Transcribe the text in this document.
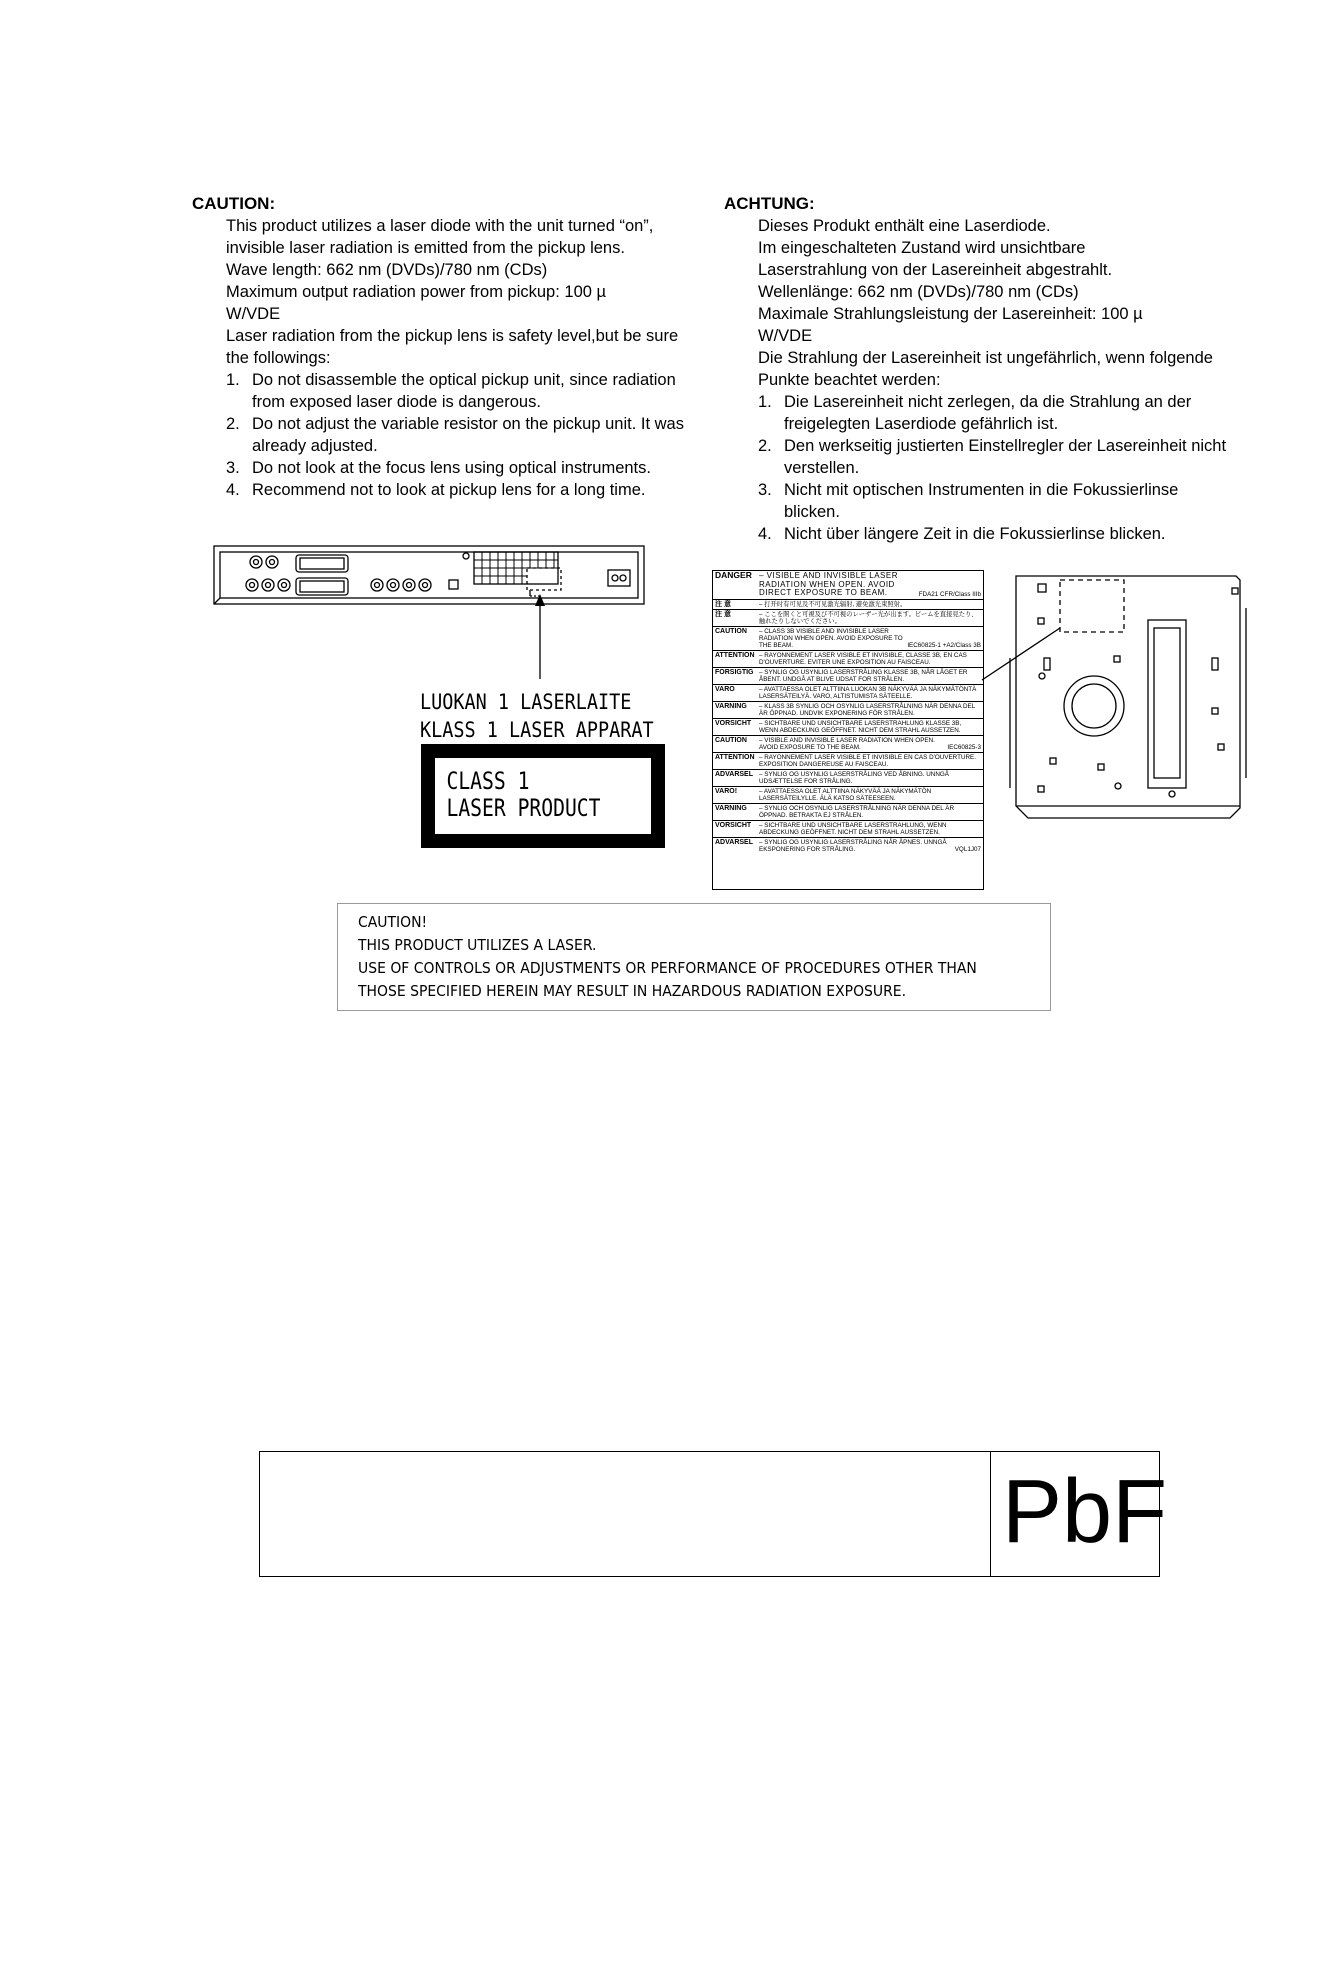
CAUTION:

This product utilizes a laser diode with the unit turned “on”, invisible laser radiation is emitted from the pickup lens.

Wave length: 662 nm (DVDs)/780 nm (CDs)

Maximum output radiation power from pickup: 100 µ W/VDE

Laser radiation from the pickup lens is safety level,but be sure the followings:

1. Do not disassemble the optical pickup unit, since radiation from exposed laser diode is dangerous.
2. Do not adjust the variable resistor on the pickup unit. It was already adjusted.
3. Do not look at the focus lens using optical instruments.
4. Recommend not to look at pickup lens for a long time.
ACHTUNG:

Dieses Produkt enthält eine Laserdiode.

Im eingeschalteten Zustand wird unsichtbare Laserstrahlung von der Lasereinheit abgestrahlt.

Wellenlänge: 662 nm (DVDs)/780 nm (CDs)

Maximale Strahlungsleistung der Lasereinheit: 100 µ W/VDE

Die Strahlung der Lasereinheit ist ungefährlich, wenn folgende Punkte beachtet werden:

1. Die Lasereinheit nicht zerlegen, da die Strahlung an der freigelegten Laserdiode gefährlich ist.
2. Den werkseitig justierten Einstellregler der Lasereinheit nicht verstellen.
3. Nicht mit optischen Instrumenten in die Fokussierlinse blicken.
4. Nicht über längere Zeit in die Fokussierlinse blicken.
LUOKAN 1 LASERLAITE
KLASS 1 LASER APPARAT
CLASS 1
LASER PRODUCT
DANGER – VISIBLE AND INVISIBLE LASER RADIATION WHEN OPEN. AVOID DIRECT EXPOSURE TO BEAM.	FDA21 CFR/Class IIIb
注 意	– 打开时有可见及不可见激光辐射, 避免激光束照射。
注 意	– ここを開くと可視及び不可視のレーザー光が出ます。ビームを直接見たり、触れたりしないでください。
CAUTION	– CLASS 3B VISIBLE AND INVISIBLE LASER RADIATION WHEN OPEN. AVOID EXPOSURE TO THE BEAM.	IEC60825-1 +A2/Class 3B
ATTENTION – RAYONNEMENT LASER VISIBLE ET INVISIBLE, CLASSE 3B, EN CAS D'OUVERTURE. EVITER UNE EXPOSITION AU FAISCEAU.
FORSIGTIG – SYNLIG OG USYNLIG LASERSTRÅLING KLASSE 3B, NÅR LÅGET ER ÅBENT. UNDGÅ AT BLIVE UDSAT FOR STRÅLEN.
VARO	– AVATTAESSA OLET ALTTIINA LUOKAN 3B NÄKYVÄÄ JA NÄKYMÄTÖNTÄ LASERSÄTEILYÄ. VARO, ALTISTUMISTA SÄTEELLE.
VARNING	– KLASS 3B SYNLIG OCH OSYNLIG LASERSTRÅLNING NÄR DENNA DEL ÄR ÖPPNAD. UNDVIK EXPONERING FÖR STRÅLEN.
VORSICHT	– SICHTBARE UND UNSICHTBARE LASERSTRAHLUNG KLASSE 3B, WENN ABDECKUNG GEÖFFNET. NICHT DEM STRAHL AUSSETZEN.
CAUTION	– VISIBLE AND INVISIBLE LASER RADIATION WHEN OPEN. AVOID EXPOSURE TO THE BEAM.	IEC60825-3
ATTENTION – RAYONNEMENT LASER VISIBLE ET INVISIBLE EN CAS D'OUVERTURE. EXPOSITION DANGEREUSE AU FAISCEAU.
ADVARSEL – SYNLIG OG USYNLIG LASERSTRÅLING VED ÅBNING. UNNGÅ UDSÆTTELSE FOR STRÅLING.
VARO!	– AVATTAESSA OLET ALTTIINA NÄKYVÄÄ JA NÄKYMÄTÖN LASERSÄTEILYLLE. ÄLÄ KATSO SÄTEESEEN.
VARNING	– SYNLIG OCH OSYNLIG LASERSTRÅLNING NÄR DENNA DEL ÄR ÖPPNAD. BETRAKTA EJ STRÅLEN.
VORSICHT	– SICHTBARE UND UNSICHTBARE LASERSTRAHLUNG, WENN ABDECKUNG GEÖFFNET. NICHT DEM STRAHL AUSSETZEN.
ADVARSEL – SYNLIG OG USYNLIG LASERSTRÅLING NÅR ÅPNES. UNNGÅ EKSPONERING FOR STRÅLING.	VQL1J07
CAUTION!
THIS PRODUCT UTILIZES A LASER.
USE OF CONTROLS OR ADJUSTMENTS OR PERFORMANCE OF PROCEDURES OTHER THAN
THOSE SPECIFIED HEREIN MAY RESULT IN HAZARDOUS RADIATION EXPOSURE.
PbF
